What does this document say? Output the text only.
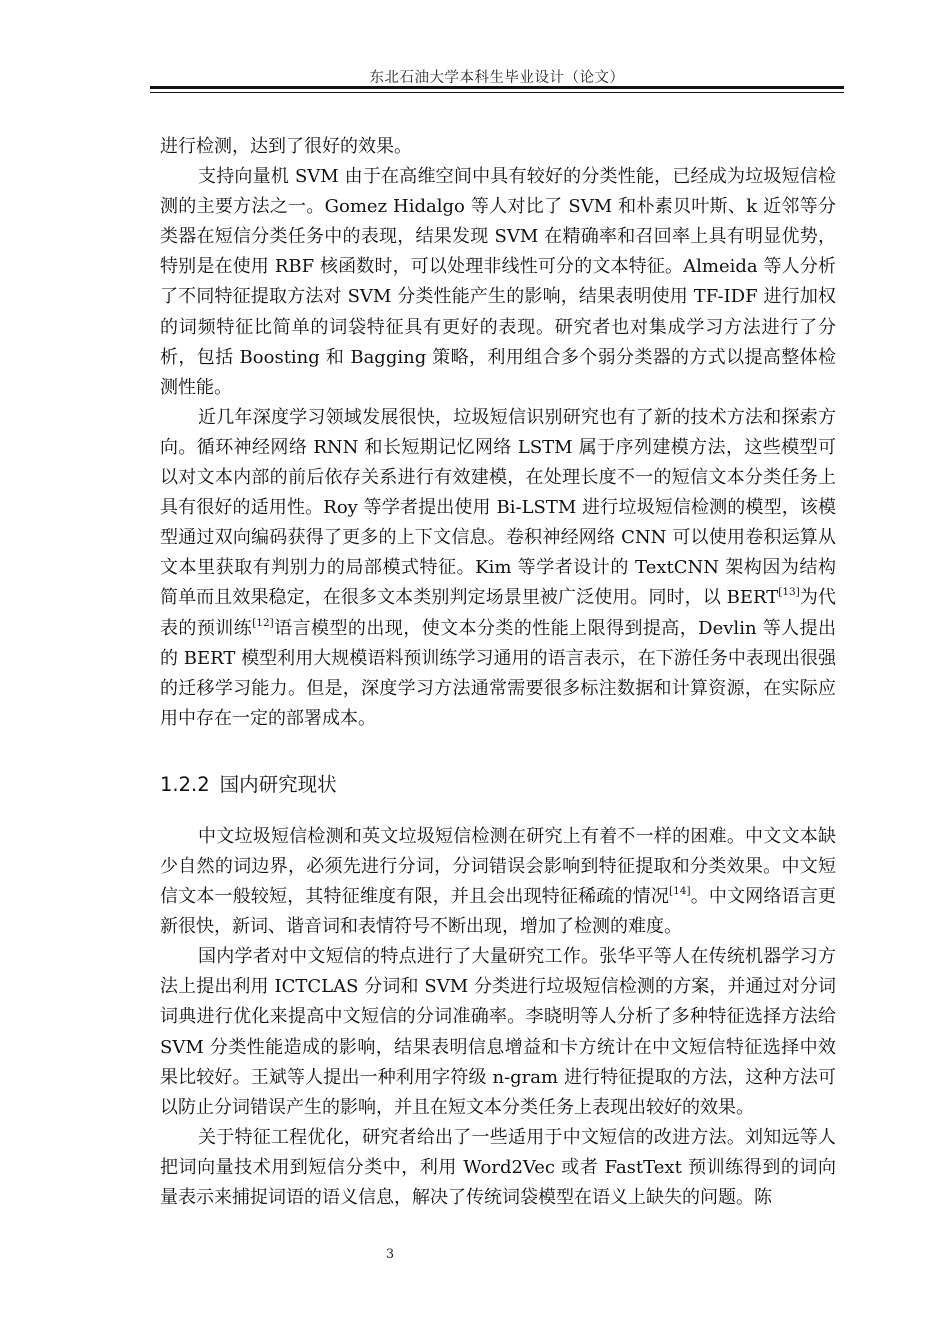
东北石油大学本科生毕业设计（论文）

进行检测，达到了很好的效果。

支持向量机 SVM 由于在高维空间中具有较好的分类性能，已经成为垃圾短信检测的主要方法之一。Gomez Hidalgo 等人对比了 SVM 和朴素贝叶斯、k 近邻等分类器在短信分类任务中的表现，结果发现 SVM 在精确率和召回率上具有明显优势，特别是在使用 RBF 核函数时，可以处理非线性可分的文本特征。Almeida 等人分析了不同特征提取方法对 SVM 分类性能产生的影响，结果表明使用 TF-IDF 进行加权的词频特征比简单的词袋特征具有更好的表现。研究者也对集成学习方法进行了分析，包括 Boosting 和 Bagging 策略，利用组合多个弱分类器的方式以提高整体检测性能。

近几年深度学习领域发展很快，垃圾短信识别研究也有了新的技术方法和探索方向。循环神经网络 RNN 和长短期记忆网络 LSTM 属于序列建模方法，这些模型可以对文本内部的前后依存关系进行有效建模，在处理长度不一的短信文本分类任务上具有很好的适用性。Roy 等学者提出使用 Bi-LSTM 进行垃圾短信检测的模型，该模型通过双向编码获得了更多的上下文信息。卷积神经网络 CNN 可以使用卷积运算从文本里获取有判别力的局部模式特征。Kim 等学者设计的 TextCNN 架构因为结构简单而且效果稳定，在很多文本类别判定场景里被广泛使用。同时，以 BERT[13]为代表的预训练[12]语言模型的出现，使文本分类的性能上限得到提高，Devlin 等人提出的 BERT 模型利用大规模语料预训练学习通用的语言表示，在下游任务中表现出很强的迁移学习能力。但是，深度学习方法通常需要很多标注数据和计算资源，在实际应用中存在一定的部署成本。

1.2.2 国内研究现状

中文垃圾短信检测和英文垃圾短信检测在研究上有着不一样的困难。中文文本缺少自然的词边界，必须先进行分词，分词错误会影响到特征提取和分类效果。中文短信文本一般较短，其特征维度有限，并且会出现特征稀疏的情况[14]。中文网络语言更新很快，新词、谐音词和表情符号不断出现，增加了检测的难度。

国内学者对中文短信的特点进行了大量研究工作。张华平等人在传统机器学习方法上提出利用 ICTCLAS 分词和 SVM 分类进行垃圾短信检测的方案，并通过对分词词典进行优化来提高中文短信的分词准确率。李晓明等人分析了多种特征选择方法给 SVM 分类性能造成的影响，结果表明信息增益和卡方统计在中文短信特征选择中效果比较好。王斌等人提出一种利用字符级 n-gram 进行特征提取的方法，这种方法可以防止分词错误产生的影响，并且在短文本分类任务上表现出较好的效果。

关于特征工程优化，研究者给出了一些适用于中文短信的改进方法。刘知远等人把词向量技术用到短信分类中，利用 Word2Vec 或者 FastText 预训练得到的词向量表示来捕捉词语的语义信息，解决了传统词袋模型在语义上缺失的问题。陈

3
